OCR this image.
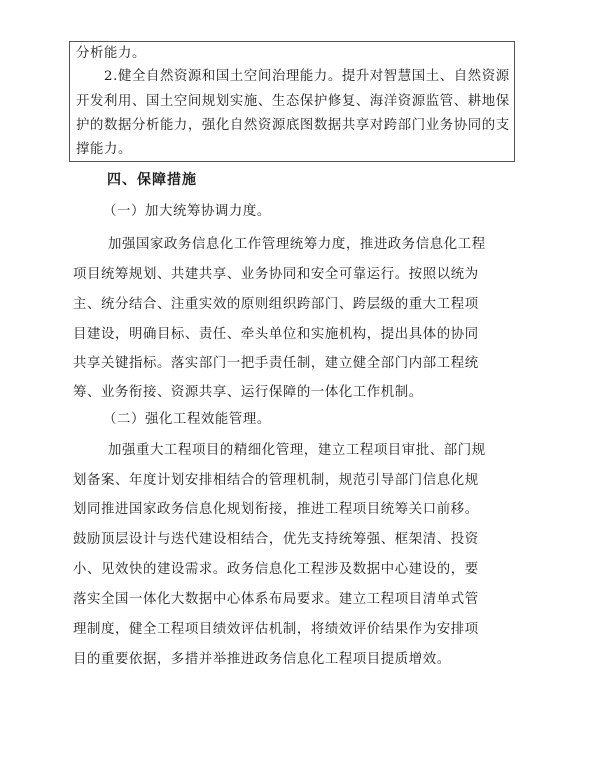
分析能力。
2.健全自然资源和国土空间治理能力。提升对智慧国土、自然资源
开发利用、国土空间规划实施、生态保护修复、海洋资源监管、耕地保
护的数据分析能力，强化自然资源底图数据共享对跨部门业务协同的支
撑能力。
四、保障措施
（一）加大统筹协调力度。
加强国家政务信息化工作管理统筹力度，推进政务信息化工程
项目统筹规划、共建共享、业务协同和安全可靠运行。按照以统为
主、统分结合、注重实效的原则组织跨部门、跨层级的重大工程项
目建设，明确目标、责任、牵头单位和实施机构，提出具体的协同
共享关键指标。落实部门一把手责任制，建立健全部门内部工程统
筹、业务衔接、资源共享、运行保障的一体化工作机制。
（二）强化工程效能管理。
加强重大工程项目的精细化管理，建立工程项目审批、部门规
划备案、年度计划安排相结合的管理机制，规范引导部门信息化规
划同推进国家政务信息化规划衔接，推进工程项目统筹关口前移。
鼓励顶层设计与迭代建设相结合，优先支持统筹强、框架清、投资
小、见效快的建设需求。政务信息化工程涉及数据中心建设的，要
落实全国一体化大数据中心体系布局要求。建立工程项目清单式管
理制度，健全工程项目绩效评估机制，将绩效评价结果作为安排项
目的重要依据，多措并举推进政务信息化工程项目提质增效。
